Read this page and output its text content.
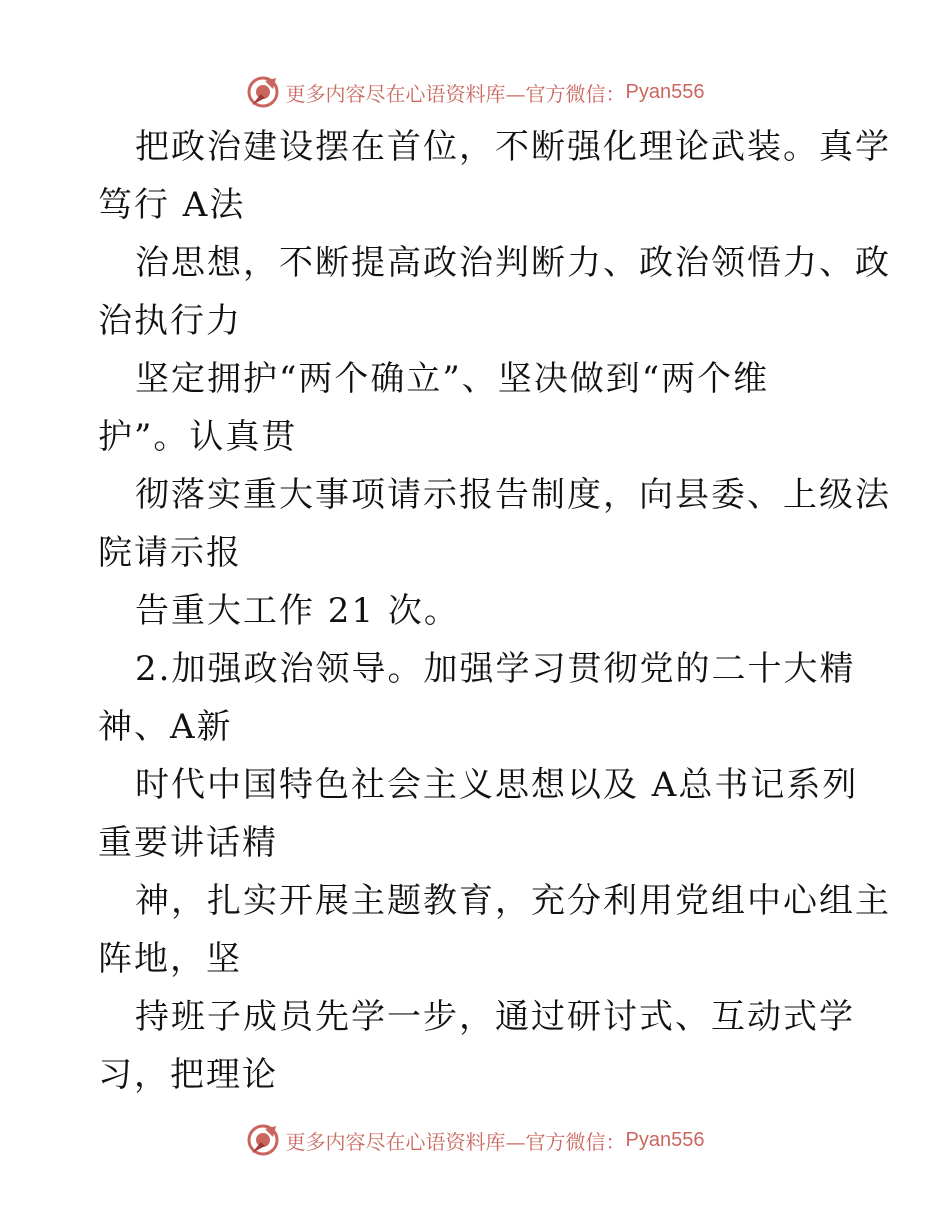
更多内容尽在心语资料库—官方微信： Pyan556
把政治建设摆在首位，不断强化理论武装。真学
笃行 A法
治思想，不断提高政治判断力、政治领悟力、政
治执行力
坚定拥护“两个确立”、坚决做到“两个维
护”。认真贯
彻落实重大事项请示报告制度，向县委、上级法
院请示报
告重大工作 21 次。
2.加强政治领导。加强学习贯彻党的二十大精
神、A新
时代中国特色社会主义思想以及 A总书记系列
重要讲话精
神，扎实开展主题教育，充分利用党组中心组主
阵地，坚
持班子成员先学一步，通过研讨式、互动式学
习，把理论
更多内容尽在心语资料库—官方微信： Pyan556
